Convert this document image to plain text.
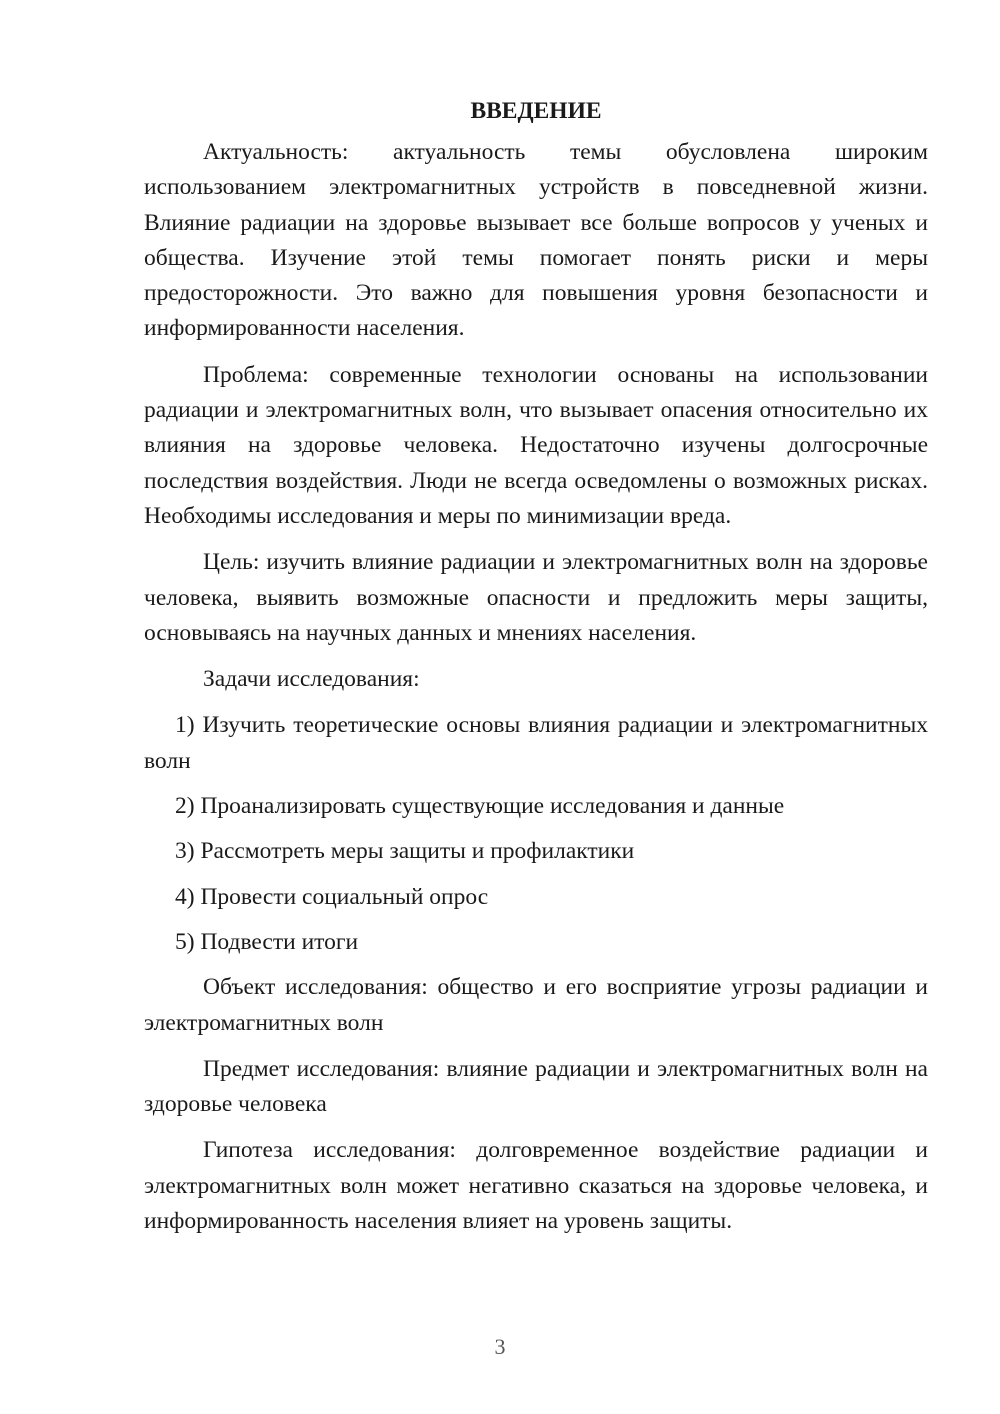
ВВЕДЕНИЕ

Актуальность: актуальность темы обусловлена широким использованием электромагнитных устройств в повседневной жизни. Влияние радиации на здоровье вызывает все больше вопросов у ученых и общества. Изучение этой темы помогает понять риски и меры предосторожности. Это важно для повышения уровня безопасности и информированности населения.

Проблема: современные технологии основаны на использовании радиации и электромагнитных волн, что вызывает опасения относительно их влияния на здоровье человека. Недостаточно изучены долгосрочные последствия воздействия. Люди не всегда осведомлены о возможных рисках. Необходимы исследования и меры по минимизации вреда.

Цель: изучить влияние радиации и электромагнитных волн на здоровье человека, выявить возможные опасности и предложить меры защиты, основываясь на научных данных и мнениях населения.

Задачи исследования:

1) Изучить теоретические основы влияния радиации и электромагнитных волн

2) Проанализировать существующие исследования и данные

3) Рассмотреть меры защиты и профилактики

4) Провести социальный опрос

5) Подвести итоги

Объект исследования: общество и его восприятие угрозы радиации и электромагнитных волн

Предмет исследования: влияние радиации и электромагнитных волн на здоровье человека

Гипотеза исследования: долговременное воздействие радиации и электромагнитных волн может негативно сказаться на здоровье человека, и информированность населения влияет на уровень защиты.

3
